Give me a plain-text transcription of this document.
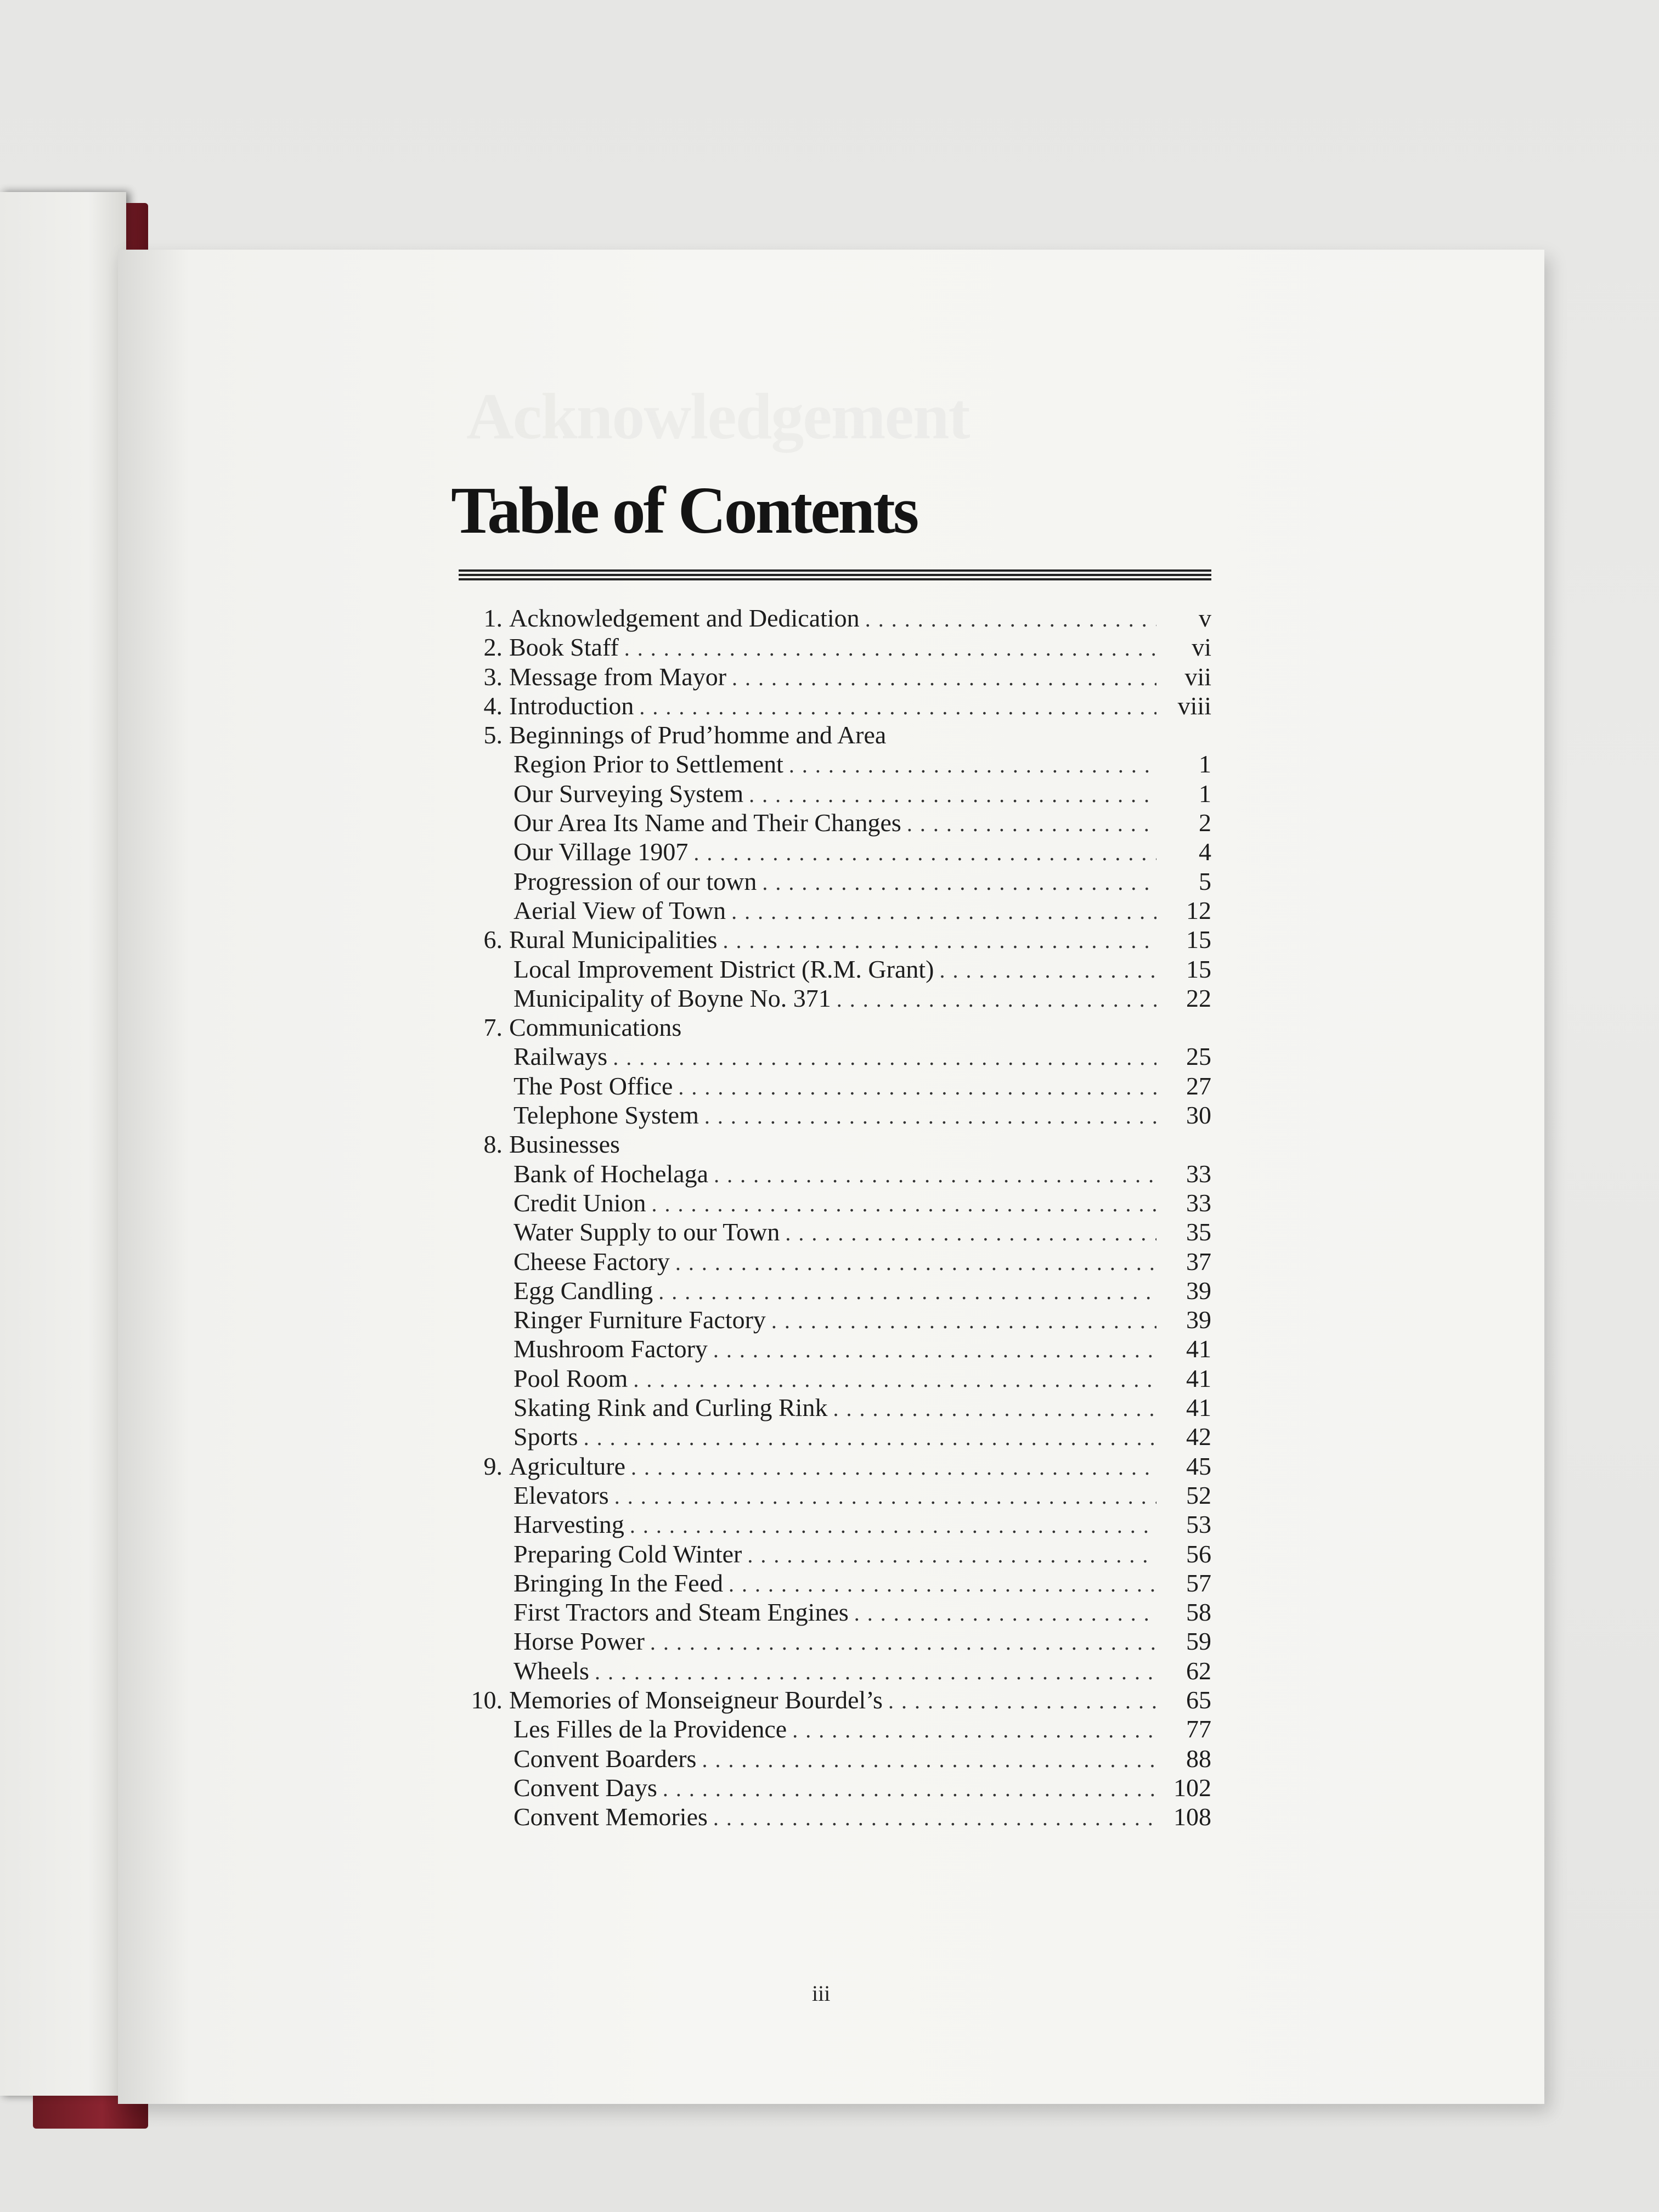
Table of Contents
1. Acknowledgement and Dedication . . .	v
2. Book Staff . . .	vi
3. Message from Mayor . . .	vii
4. Introduction . . .	viii
5. Beginnings of Prud’homme and Area
Region Prior to Settlement . . .	1
Our Surveying System . . .	1
Our Area Its Name and Their Changes . . .	2
Our Village 1907 . . .	4
Progression of our town . . .	5
Aerial View of Town . . .	12
6. Rural Municipalities . . .	15
Local Improvement District (R.M. Grant) . . .	15
Municipality of Boyne No. 371 . . .	22
7. Communications
Railways . . .	25
The Post Office . . .	27
Telephone System . . .	30
8. Businesses
Bank of Hochelaga . . .	33
Credit Union . . .	33
Water Supply to our Town . . .	35
Cheese Factory . . .	37
Egg Candling . . .	39
Ringer Furniture Factory . . .	39
Mushroom Factory . . .	41
Pool Room . . .	41
Skating Rink and Curling Rink . . .	41
Sports . . .	42
9. Agriculture . . .	45
Elevators . . .	52
Harvesting . . .	53
Preparing Cold Winter . . .	56
Bringing In the Feed . . .	57
First Tractors and Steam Engines . . .	58
Horse Power . . .	59
Wheels . . .	62
10. Memories of Monseigneur Bourdel’s . . .	65
Les Filles de la Providence . . .	77
Convent Boarders . . .	88
Convent Days . . .	102
Convent Memories . . .	108
iii
